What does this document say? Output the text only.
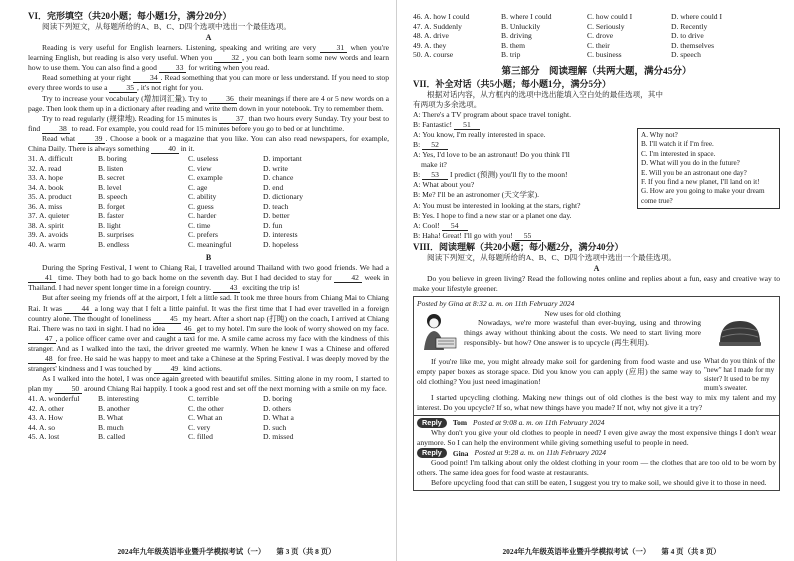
VI．完形填空（共20小题；每小题1分，满分20分）
阅读下列短文，从每题所给的A、B、C、D四个选项中选出一个最佳选项。
A
Reading is very useful for English learners. Listening, speaking and writing are very	31 when you're learning English, but reading is also very useful. When you	32 , you can both learn some new words and learn how to use them. You can also find a good 33 for writing when you read.
Read something at your right	34 . Read something that you can more or less understand. If you need to stop every three words to use a 35 , it's not right for you.
Try to increase your vocabulary (增加词汇量). Try to	36 their meanings if there are 4 or 5 new words on a page. Then look them up in a dictionary after reading and write them down in your notebook. Try to remember them.
Try to read regularly (规律地). Reading for 15 minutes is 37 than two hours every Sunday. Try your best to find 38 to read. For example, you could read for 15 minutes before you go to bed or at lunchtime.
Read what	39 . Choose a book or a magazine that you like. You can also read newspapers, for example, China Daily. There is always something 40 in it.
31. A. difficult	B. boring	C. useless	D. important
32. A. read	B. listen	C. view	D. write
33. A. hope	B. secret	C. example	D. chance
34. A. book	B. level	C. age	D. end
35. A. product	B. speech	C. ability	D. dictionary
36. A. miss	B. forget	C. guess	D. teach
37. A. quieter	B. faster	C. harder	D. better
38. A. spirit	B. light	C. time	D. fun
39. A. avoids	B. surprises	C. prefers	D. interests
40. A. warm	B. endless	C. meaningful	D. hopeless
B
During the Spring Festival, I went to Chiang Rai, I travelled around Thailand with two good friends. We had a 41 time. They both had to go back home on the seventh day. But I had decided to stay for	42 week in Thailand. I had never spent longer time in a foreign country. 43 exciting the trip is!
But after seeing my friends off at the airport, I felt a little sad. It took me three hours from Chiang Mai to Chiang Rai. It was	44 a long way that I felt a little painful. It was the first time that I had ever travelled in a foreign country alone. The thought of loneliness	45 my heart. After a short nap (打盹) on the coach, I arrived at Chiang Rai. There was no taxi in sight. I had no idea 46 get to my hotel. I'm sure the look of worry showed on my face. 47 , a police officer came over and caught a taxi for me. A smile came across my face with the kindness of this stranger. And as I walked into the taxi, the driver greeted me warmly. When he knew I was a Chinese and offered 48 for free. He said he was happy to meet and take a Chinese at the Spring Festival. I was deeply moved by the strangers' kindness and I was touched by 49 kind actions.
As I walked into the hotel, I was once again greeted with beautiful smiles. Sitting alone in my room, I started to plan my 50 around Chiang Rai happily. I took a good rest and set off the next morning with a smile on my face.
41. A. wonderful	B. interesting	C. terrible	D. boring
42. A. other	B. another	C. the other	D. others
43. A. How	B. What	C. What an	D. What a
44. A. so	B. much	C. very	D. such
45. A. lost	B. called	C. filled	D. missed
2024年九年级英语毕业暨升学模拟考试（一）　　第 3 页（共 8 页）
46. A. how I could	B. where I could	C. how could I	D. where could I
47. A. Suddenly	B. Unluckily	C. Seriously	D. Recently
48. A. drive	B. driving	C. drove	D. to drive
49. A. they	B. them	C. their	D. themselves
50. A. course	B. trip	C. business	D. speech
第三部分　阅读理解（共两大题，满分45分）
VII．补全对话（共5小题；每小题1分，满分5分）
根据对话内容，从方框内的选项中选出能填入空白处的最佳选项，其中有两项为多余选项。
A: There's a TV program about space travel tonight.
B: Fantastic! 51
A: You know, I'm really interested in space.
B: 52
A: Yes, I'd love to be an astronaut! Do you think I'll
make it?
B: 53 I predict (预测) you'll fly to the moon!
A: What about you?
B: Me? I'll be an astronomer (天文学家).
A: You must be interested in looking at the stars, right?
B: Yes. I hope to find a new star or a planet one day.
A: Cool! 54
B: Haha! Great! I'll go with you! 55
A. Why not?
B. I'll watch it if I'm free.
C. I'm interested in space.
D. What will you do in the future?
E. Will you be an astronaut one day?
F. If you find a new planet, I'll land on it!
G. How are you going to make your dream come true?
VIII．阅读理解（共20小题；每小题2分，满分40分）
阅读下列短文，从每题所给的A、B、C、D四个选项中选出一个最佳选项。
A
Do you believe in green living? Read the following notes online and replies about a fun, easy and creative way to make your lifestyle greener.
Posted by Gina at 8:32 a. m. on 11th February 2024
New uses for old clothing
Nowadays, we're more wasteful than ever-buying, using and throwing things away without thinking about the costs. We need to start living more responsibly- but how? One answer is to upcycle (再生利用).
If you're like me, you might already make soil for gardening from food waste and use empty paper boxes as storage space. Did you know you can apply (应用) the same way to old clothing? You just need imagination!
What do you think of the "new" hat I made for my sister? It used to be my mum's sweater.
I started upcycling clothing. Making new things out of old clothes is the best way to mix my talent and my interest. Do you upcycle? If so, what new things have you made? If not, why not give it a try?
Reply	Tom Posted at 9:08 a. m. on 11th February 2024
Why don't you give your old clothes to people in need? I even give away the most expensive things I don't wear anymore. So I can help the environment while giving something useful to people in need.
Reply	Gina Posted at 9:28 a. m. on 11th February 2024
Good point! I'm talking about only the oldest clothing in your room — the clothes that are too old to be worn by others. The same idea goes for food waste at restaurants.
Before upcycling food that can still be eaten, I suggest you try to make soil, we should give it to those in need.
2024年九年级英语毕业暨升学模拟考试（一）　　第 4 页（共 8 页）
